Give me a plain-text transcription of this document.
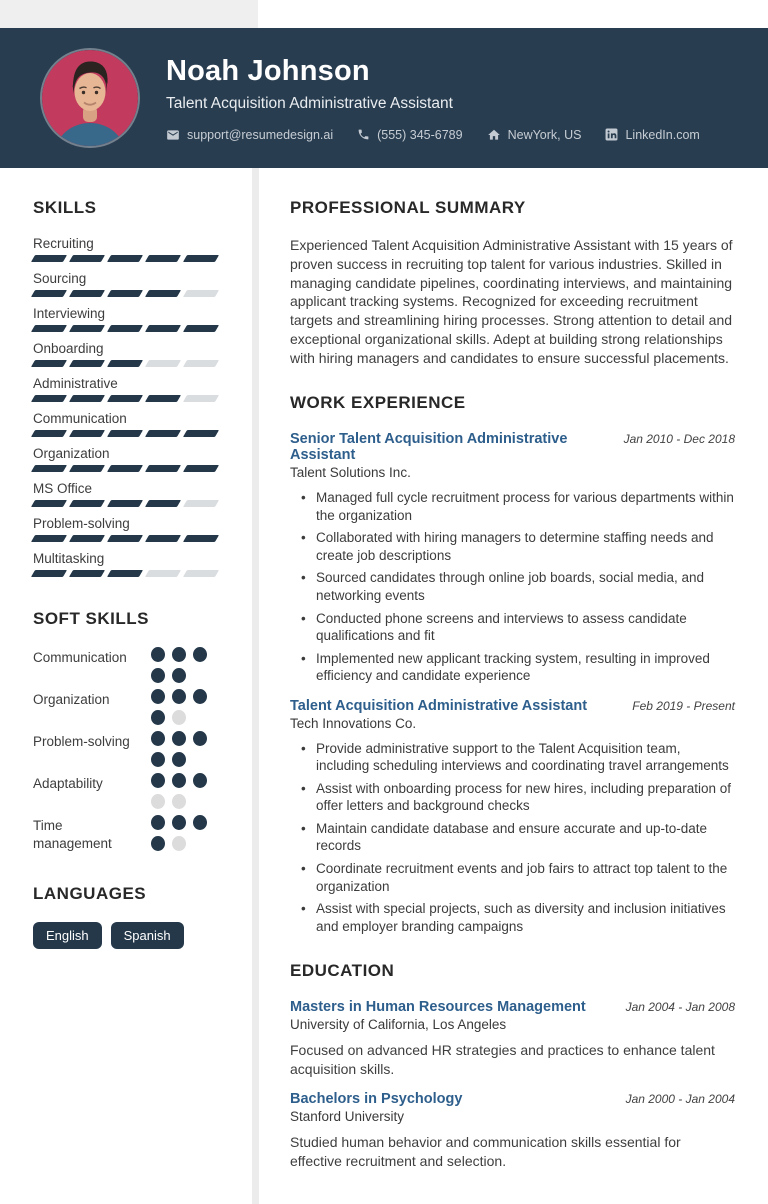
Noah Johnson
Talent Acquisition Administrative Assistant
support@resumedesign.ai	(555) 345-6789	NewYork, US	LinkedIn.com
SKILLS
Recruiting
Sourcing
Interviewing
Onboarding
Administrative
Communication
Organization
MS Office
Problem-solving
Multitasking
SOFT SKILLS
Communication
Organization
Problem-solving
Adaptability
Time management
LANGUAGES
English	Spanish
PROFESSIONAL SUMMARY

Experienced Talent Acquisition Administrative Assistant with 15 years of proven success in recruiting top talent for various industries. Skilled in managing candidate pipelines, coordinating interviews, and maintaining applicant tracking systems. Recognized for exceeding recruitment targets and streamlining hiring processes. Strong attention to detail and exceptional organizational skills. Adept at building strong relationships with hiring managers and candidates to ensure successful placements.

WORK EXPERIENCE
Senior Talent Acquisition Administrative Assistant
Jan 2010 - Dec 2018
Talent Solutions Inc.
• Managed full cycle recruitment process for various departments within the organization
• Collaborated with hiring managers to determine staffing needs and create job descriptions
• Sourced candidates through online job boards, social media, and networking events
• Conducted phone screens and interviews to assess candidate qualifications and fit
• Implemented new applicant tracking system, resulting in improved efficiency and candidate experience
Talent Acquisition Administrative Assistant	Feb 2019 - Present
Tech Innovations Co.
• Provide administrative support to the Talent Acquisition team, including scheduling interviews and coordinating travel arrangements
• Assist with onboarding process for new hires, including preparation of offer letters and background checks
• Maintain candidate database and ensure accurate and up-to-date records
• Coordinate recruitment events and job fairs to attract top talent to the organization
• Assist with special projects, such as diversity and inclusion initiatives and employer branding campaigns
EDUCATION
Masters in Human Resources Management	Jan 2004 - Jan 2008
University of California, Los Angeles

Focused on advanced HR strategies and practices to enhance talent acquisition skills.

Bachelors in Psychology	Jan 2000 - Jan 2004
Stanford University

Studied human behavior and communication skills essential for effective recruitment and selection.
